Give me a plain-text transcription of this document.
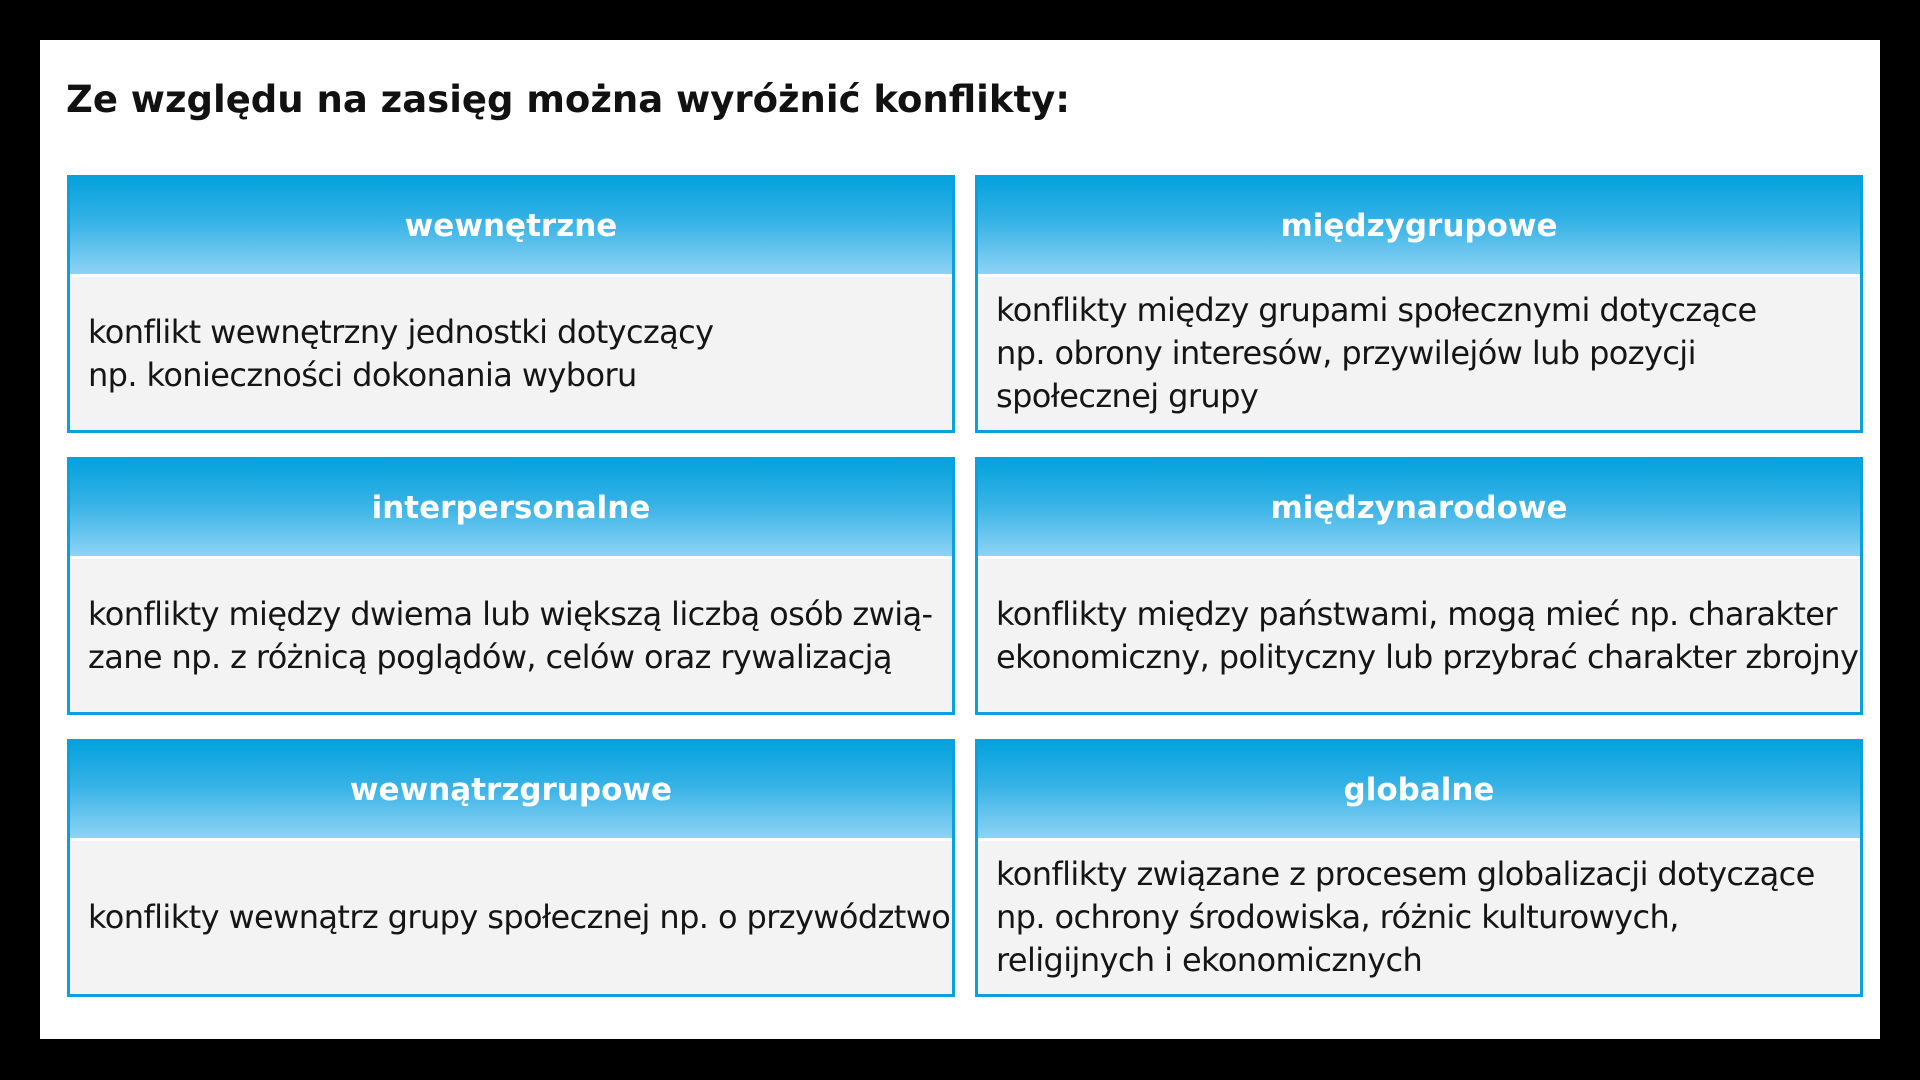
Ze względu na zasięg można wyróżnić konflikty:
wewnętrzne
konflikt wewnętrzny jednostki dotyczący
np. konieczności dokonania wyboru
międzygrupowe
konflikty między grupami społecznymi dotyczące
np. obrony interesów, przywilejów lub pozycji
społecznej grupy
interpersonalne
konflikty między dwiema lub większą liczbą osób zwią-
zane np. z różnicą poglądów, celów oraz rywalizacją
międzynarodowe
konflikty między państwami, mogą mieć np. charakter
ekonomiczny, polityczny lub przybrać charakter zbrojny
wewnątrzgrupowe
konflikty wewnątrz grupy społecznej np. o przywództwo
globalne
konflikty związane z procesem globalizacji dotyczące
np. ochrony środowiska, różnic kulturowych,
religijnych i ekonomicznych
